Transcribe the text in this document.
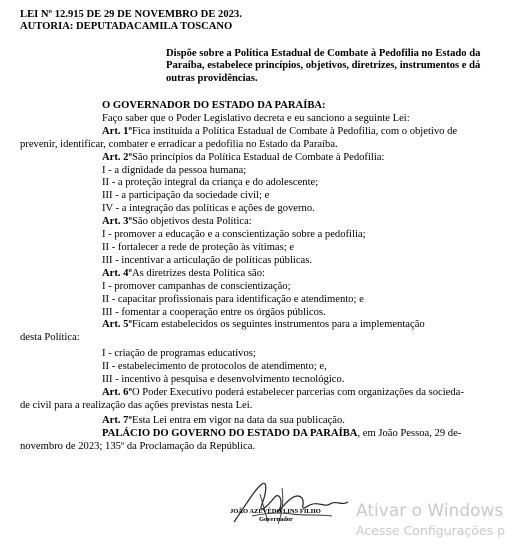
LEI Nº 12.915 DE 29 DE NOVEMBRO DE 2023.
AUTORIA: DEPUTADACAMILA TOSCANO
Dispõe sobre a Política Estadual de Combate à Pedofilia no Estado da Paraíba, estabelece princípios, objetivos, diretrizes, instrumentos e dá outras providências.

O GOVERNADOR DO ESTADO DA PARAÍBA:

Faço saber que o Poder Legislativo decreta e eu sanciono a seguinte Lei:

Art. 1ºFica instituída a Política Estadual de Combate à Pedofilia, com o objetivo de

prevenir, identificar, combater e erradicar a pedofilia no Estado da Paraíba.

Art. 2ºSão princípios da Política Estadual de Combate à Pedofilia:

I - a dignidade da pessoa humana;

II - a proteção integral da criança e do adolescente;

III - a participação da sociedade civil; e

IV - a integração das políticas e ações de governo.

Art. 3ºSão objetivos desta Política:

I - promover a educação e a conscientização sobre a pedofilia;

II - fortalecer a rede de proteção às vítimas; e

III - incentivar a articulação de políticas públicas.

Art. 4ºAs diretrizes desta Política são:

I - promover campanhas de conscientização;

II - capacitar profissionais para identificação e atendimento; e

III - fomentar a cooperação entre os órgãos públicos.

Art. 5ºFicam estabelecidos os seguintes instrumentos para a implementação

desta Política:

I - criação de programas educativos;

II - estabelecimento de protocolos de atendimento; e,

III - incentivo à pesquisa e desenvolvimento tecnológico.

Art. 6ºO Poder Executivo poderá estabelecer parcerias com organizações da socieda-

de civil para a realização das ações previstas nesta Lei.

Art. 7ºEsta Lei entra em vigor na data da sua publicação.

PALÁCIO DO GOVERNO DO ESTADO DA PARAÍBA, em João Pessoa, 29 de-

novembro de 2023; 135º da Proclamação da República.

JOÃO AZEVÊDO LINS FILHO
Governador	Ativar o Windows
Acesse Configurações p
